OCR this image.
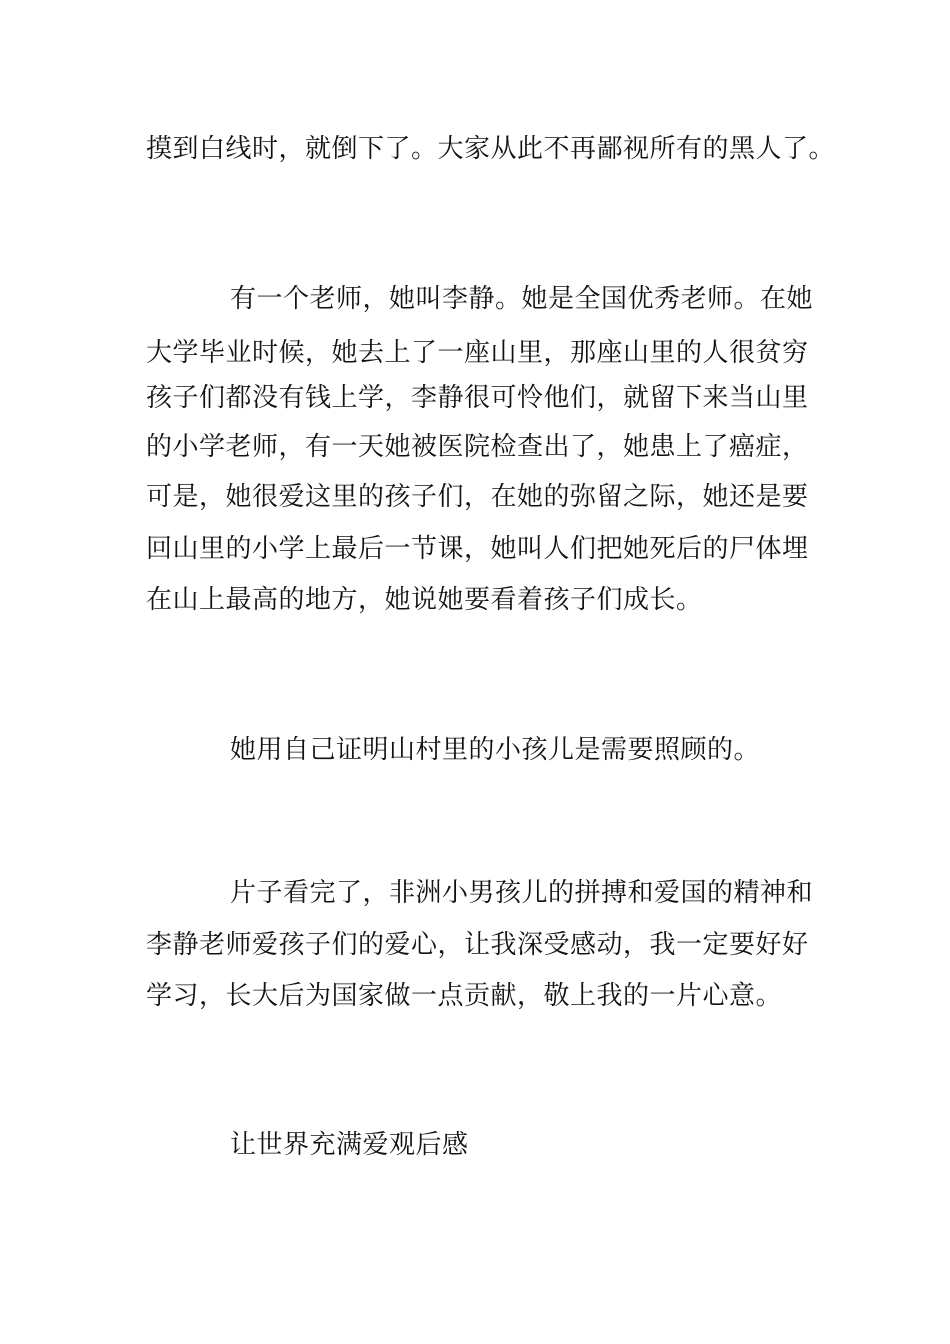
摸到白线时，就倒下了。大家从此不再鄙视所有的黑人了。
有一个老师，她叫李静。她是全国优秀老师。在她
大学毕业时候，她去上了一座山里，那座山里的人很贫穷
孩子们都没有钱上学，李静很可怜他们，就留下来当山里
的小学老师，有一天她被医院检查出了，她患上了癌症，
可是，她很爱这里的孩子们，在她的弥留之际，她还是要
回山里的小学上最后一节课，她叫人们把她死后的尸体埋
在山上最高的地方，她说她要看着孩子们成长。
她用自己证明山村里的小孩儿是需要照顾的。
片子看完了，非洲小男孩儿的拼搏和爱国的精神和
李静老师爱孩子们的爱心，让我深受感动，我一定要好好
学习，长大后为国家做一点贡献，敬上我的一片心意。
让世界充满爱观后感
